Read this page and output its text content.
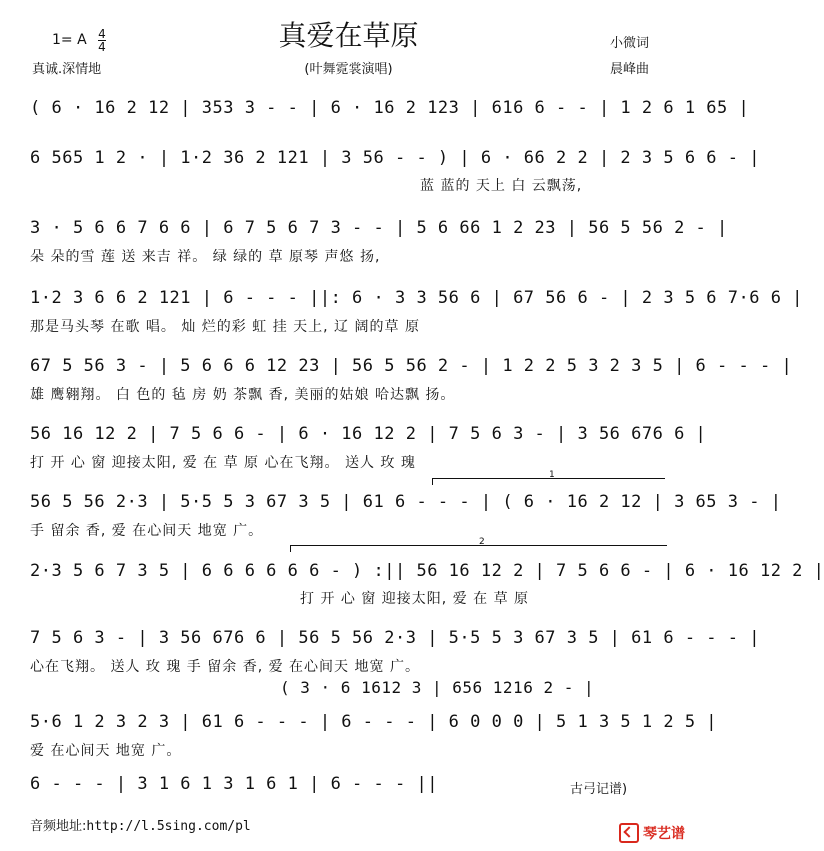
真爱在草原
1= A 4
4
真诚.深情地	(叶舞霓裳演唱)
小微词
晨峰曲
( 6 · 16 2 12 | 353 3 - - | 6 · 16 2 123 | 616 6 - - | 1 2 6 1 65 |
6 565 1 2 · | 1·2 36 2 121 | 3 56 - - ) | 6 · 66 2 2 | 2 3 5 6 6 - |
蓝 蓝的 天上 白 云飘荡,
3 · 5 6 6 7 6 6 | 6 7 5 6 7 3 - - | 5 6 66 1 2 23 | 56 5 56 2 - |
朵 朵的雪 莲 送 来吉 祥。 绿 绿的 草 原琴 声悠 扬,
1·2 3 6 6 2 121 | 6 - - - ||: 6 · 3 3 56 6 | 67 56 6 - | 2 3 5 6 7·6 6 |
那是马头琴 在歌 唱。 灿 烂的彩 虹 挂 天上, 辽 阔的草 原
67 5 56 3 - | 5 6 6 6 12 23 | 56 5 56 2 - | 1 2 2 5 3 2 3 5 | 6 - - - |
雄 鹰翱翔。 白 色的 毡 房 奶 茶飘 香, 美丽的姑娘 哈达飘 扬。
56 16 12 2 | 7 5 6 6 - | 6 · 16 12 2 | 7 5 6 3 - | 3 56 676 6 |
打 开 心 窗 迎接太阳, 爱 在 草 原 心在飞翔。 送人 玫 瑰
1
56 5 56 2·3 | 5·5 5 3 67 3 5 | 61 6 - - - | ( 6 · 16 2 12 | 3 65 3 - |
手 留余 香, 爱 在心间天 地宽 广。
2
2·3 5 6 7 3 5 | 6 6 6 6 6 6 - ) :|| 56 16 12 2 | 7 5 6 6 - | 6 · 16 12 2 |
打 开 心 窗 迎接太阳, 爱 在 草 原
7 5 6 3 - | 3 56 676 6 | 56 5 56 2·3 | 5·5 5 3 67 3 5 | 61 6 - - - |
心在飞翔。 送人 玫 瑰 手 留余 香, 爱 在心间天 地宽 广。
( 3 · 6 1612 3 | 656 1216 2 - |
5·6 1 2 3 2 3 | 61 6 - - - | 6 - - - | 6 0 0 0 | 5 1 3 5 1 2 5 |
爱 在心间天 地宽 广。
6 - - - | 3 1 6 1 3 1 6 1 | 6 - - - ||	古弓记谱)
音频地址:http://l.5sing.com/pl	琴艺谱
